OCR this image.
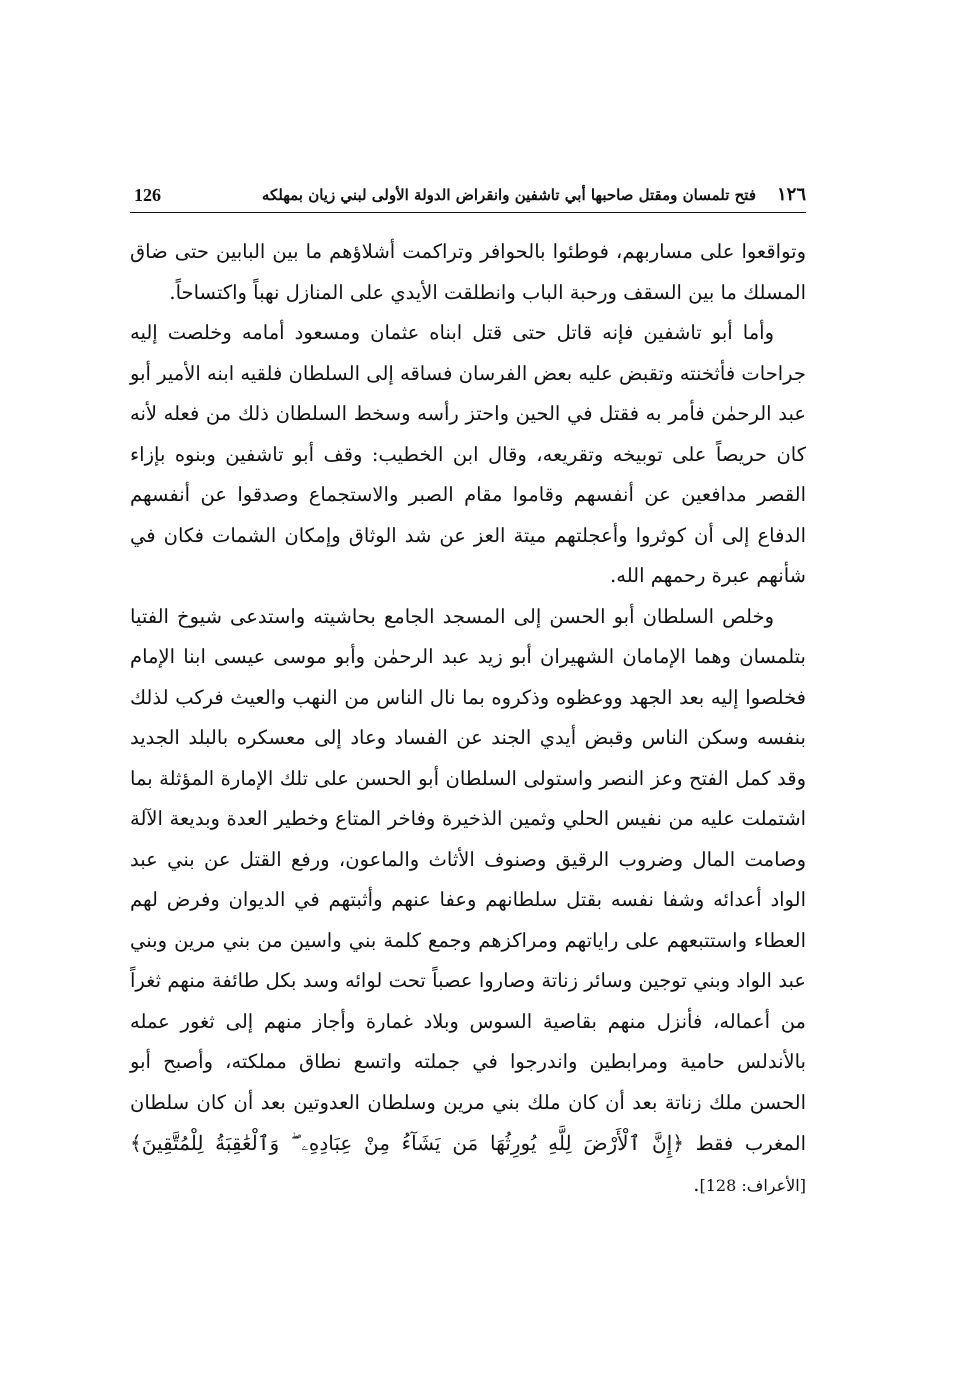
126	فتح تلمسان ومقتل صاحبها أبي تاشفين وانقراض الدولة الأولى لبني زيان بمهلكه ١٢٦

وتواقعوا على مساربهم، فوطئوا بالحوافر وتراكمت أشلاؤهم ما بين البابين حتى ضاق المسلك ما بين السقف ورحبة الباب وانطلقت الأيدي على المنازل نهباً واكتساحاً.

وأما أبو تاشفين فإنه قاتل حتى قتل ابناه عثمان ومسعود أمامه وخلصت إليه جراحات فأثخنته وتقبض عليه بعض الفرسان فساقه إلى السلطان فلقيه ابنه الأمير أبو عبد الرحمٰن فأمر به فقتل في الحين واحتز رأسه وسخط السلطان ذلك من فعله لأنه كان حريصاً على توبيخه وتقريعه، وقال ابن الخطيب: وقف أبو تاشفين وبنوه بإزاء القصر مدافعين عن أنفسهم وقاموا مقام الصبر والاستجماع وصدقوا عن أنفسهم الدفاع إلى أن كوثروا وأعجلتهم ميتة العز عن شد الوثاق وإمكان الشمات فكان في شأنهم عبرة رحمهم الله.

وخلص السلطان أبو الحسن إلى المسجد الجامع بحاشيته واستدعى شيوخ الفتيا بتلمسان وهما الإمامان الشهيران أبو زيد عبد الرحمٰن وأبو موسى عيسى ابنا الإمام فخلصوا إليه بعد الجهد ووعظوه وذكروه بما نال الناس من النهب والعيث فركب لذلك بنفسه وسكن الناس وقبض أيدي الجند عن الفساد وعاد إلى معسكره بالبلد الجديد وقد كمل الفتح وعز النصر واستولى السلطان أبو الحسن على تلك الإمارة المؤثلة بما اشتملت عليه من نفيس الحلي وثمين الذخيرة وفاخر المتاع وخطير العدة وبديعة الآلة وصامت المال وضروب الرقيق وصنوف الأثاث والماعون، ورفع القتل عن بني عبد الواد أعدائه وشفا نفسه بقتل سلطانهم وعفا عنهم وأثبتهم في الديوان وفرض لهم العطاء واستتبعهم على راياتهم ومراكزهم وجمع كلمة بني واسين من بني مرين وبني عبد الواد وبني توجين وسائر زناتة وصاروا عصباً تحت لوائه وسد بكل طائفة منهم ثغراً من أعماله، فأنزل منهم بقاصية السوس وبلاد غمارة وأجاز منهم إلى ثغور عمله بالأندلس حامية ومرابطين واندرجوا في جملته واتسع نطاق مملكته، وأصبح أبو الحسن ملك زناتة بعد أن كان ملك بني مرين وسلطان العدوتين بعد أن كان سلطان المغرب فقط ﴿إِنَّ ٱلْأَرْضَ لِلَّهِ يُورِثُهَا مَن يَشَآءُ مِنْ عِبَادِهِۦ ۖ وَٱلْعَٰقِبَةُ لِلْمُتَّقِينَ﴾ [الأعراف: 128].
